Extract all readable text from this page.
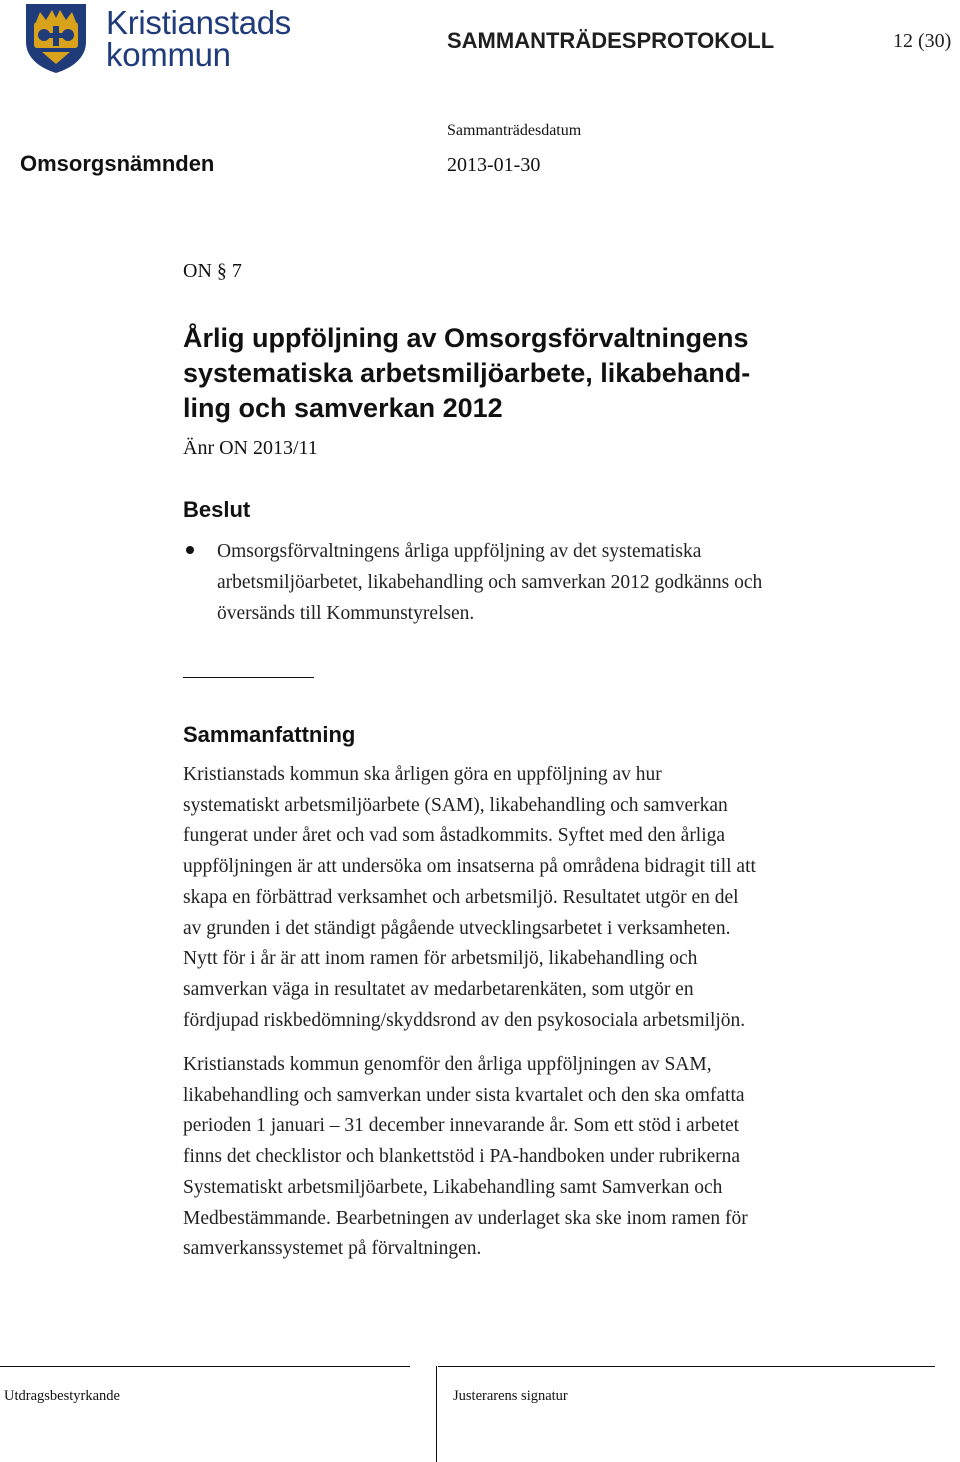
Kristianstads
kommun	SAMMANTRÄDESPROTOKOLL	12 (30)
Sammanträdesdatum
Omsorgsnämnden	2013-01-30
ON § 7
Årlig uppföljning av Omsorgsförvaltningens
systematiska arbetsmiljöarbete, likabehand-
ling och samverkan 2012
Änr ON 2013/11
Beslut
Omsorgsförvaltningens årliga uppföljning av det systematiska
arbetsmiljöarbetet, likabehandling och samverkan 2012 godkänns och
översänds till Kommunstyrelsen.
Sammanfattning
Kristianstads kommun ska årligen göra en uppföljning av hur
systematiskt arbetsmiljöarbete (SAM), likabehandling och samverkan
fungerat under året och vad som åstadkommits. Syftet med den årliga
uppföljningen är att undersöka om insatserna på områdena bidragit till att
skapa en förbättrad verksamhet och arbetsmiljö. Resultatet utgör en del
av grunden i det ständigt pågående utvecklingsarbetet i verksamheten.
Nytt för i år är att inom ramen för arbetsmiljö, likabehandling och
samverkan väga in resultatet av medarbetarenkäten, som utgör en
fördjupad riskbedömning/skyddsrond av den psykosociala arbetsmiljön.
Kristianstads kommun genomför den årliga uppföljningen av SAM,
likabehandling och samverkan under sista kvartalet och den ska omfatta
perioden 1 januari – 31 december innevarande år. Som ett stöd i arbetet
finns det checklistor och blankettstöd i PA-handboken under rubrikerna
Systematiskt arbetsmiljöarbete, Likabehandling samt Samverkan och
Medbestämmande. Bearbetningen av underlaget ska ske inom ramen för
samverkanssystemet på förvaltningen.
Utdragsbestyrkande	Justerarens signatur
